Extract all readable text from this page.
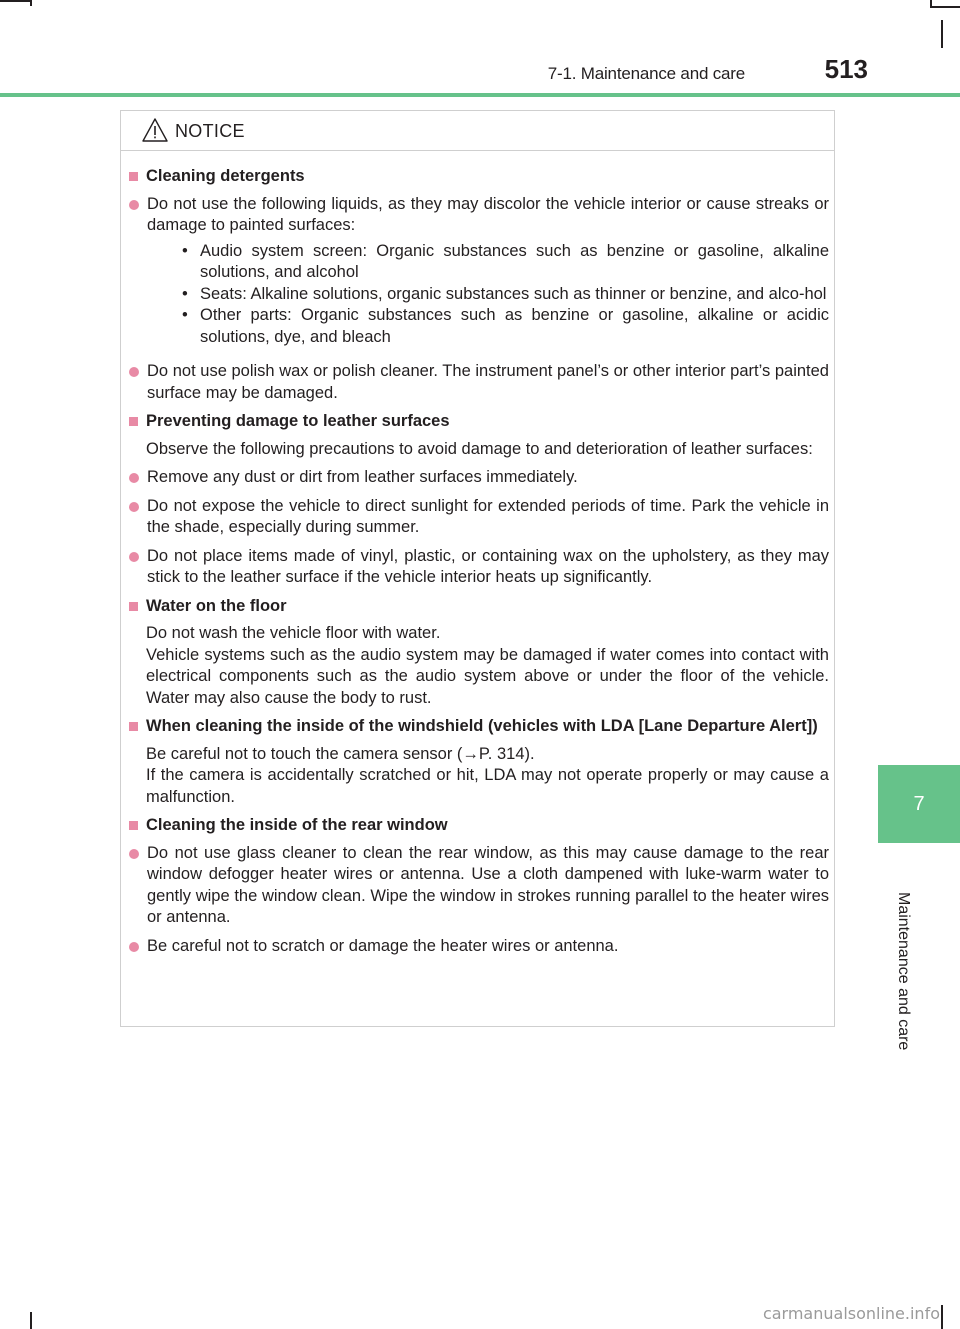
7-1. Maintenance and care	513
7
Maintenance and care
NOTICE
Cleaning detergents
Do not use the following liquids, as they may discolor the vehicle interior or cause streaks or damage to painted surfaces:
• Audio system screen: Organic substances such as benzine or gasoline, alkaline solutions, and alcohol
• Seats: Alkaline solutions, organic substances such as thinner or benzine, and alco-hol
• Other parts: Organic substances such as benzine or gasoline, alkaline or acidic solutions, dye, and bleach
Do not use polish wax or polish cleaner. The instrument panel’s or other interior part’s painted surface may be damaged.
Preventing damage to leather surfaces
Observe the following precautions to avoid damage to and deterioration of leather surfaces:
Remove any dust or dirt from leather surfaces immediately.
Do not expose the vehicle to direct sunlight for extended periods of time. Park the vehicle in the shade, especially during summer.
Do not place items made of vinyl, plastic, or containing wax on the upholstery, as they may stick to the leather surface if the vehicle interior heats up significantly.
Water on the floor
Do not wash the vehicle floor with water.
Vehicle systems such as the audio system may be damaged if water comes into contact with electrical components such as the audio system above or under the floor of the vehicle. Water may also cause the body to rust.
When cleaning the inside of the windshield (vehicles with LDA [Lane Departure Alert])
Be careful not to touch the camera sensor (→P. 314).
If the camera is accidentally scratched or hit, LDA may not operate properly or may cause a malfunction.
Cleaning the inside of the rear window
Do not use glass cleaner to clean the rear window, as this may cause damage to the rear window defogger heater wires or antenna. Use a cloth dampened with luke-warm water to gently wipe the window clean. Wipe the window in strokes running parallel to the heater wires or antenna.
Be careful not to scratch or damage the heater wires or antenna.
carmanualsonline.info
